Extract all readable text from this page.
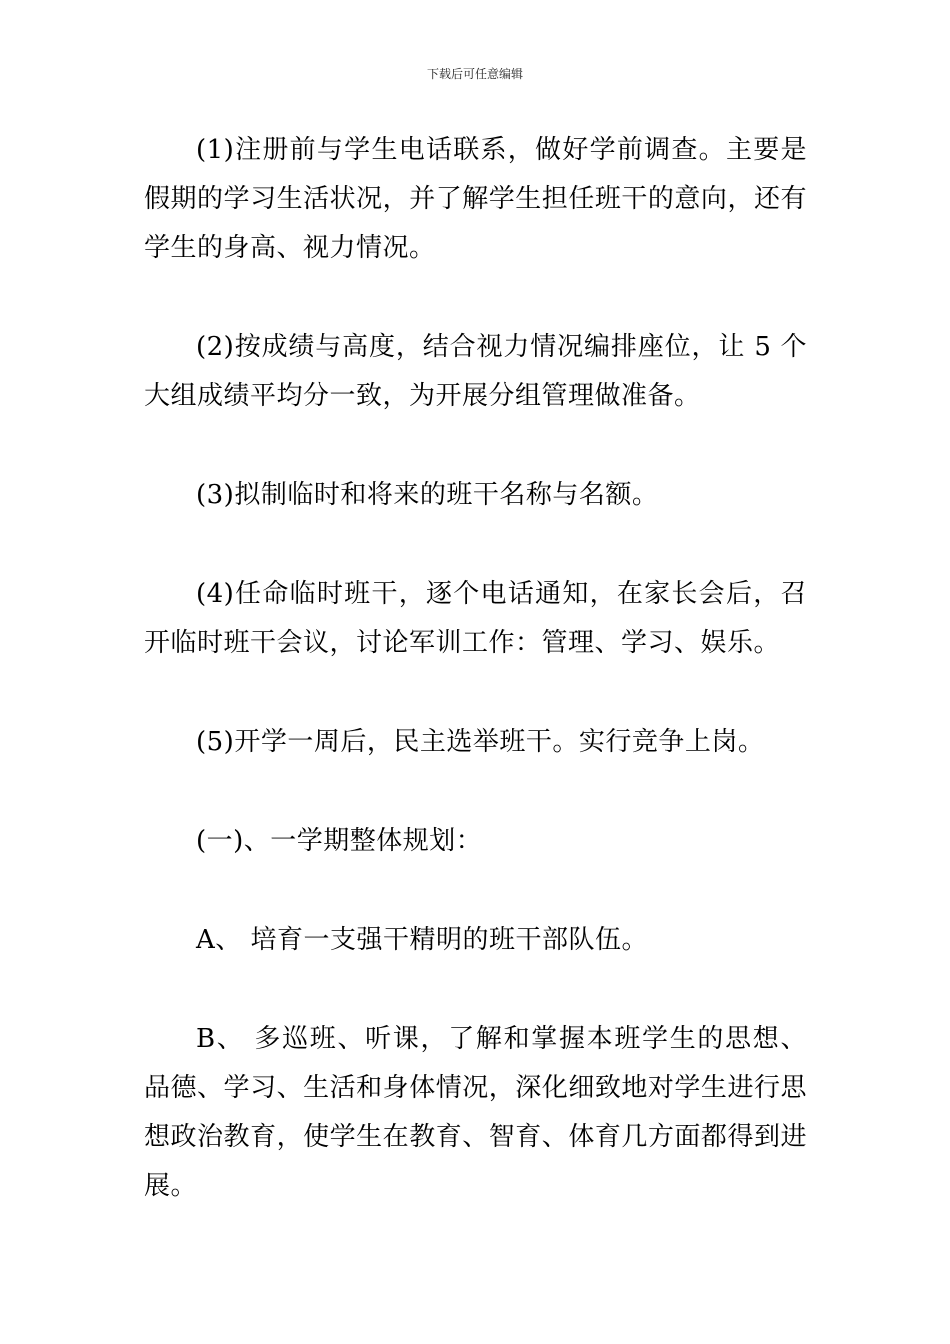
下载后可任意编辑

(1)注册前与学生电话联系，做好学前调查。主要是假期的学习生活状况，并了解学生担任班干的意向，还有学生的身高、视力情况。

(2)按成绩与高度，结合视力情况编排座位，让 5 个大组成绩平均分一致，为开展分组管理做准备。

(3)拟制临时和将来的班干名称与名额。

(4)任命临时班干，逐个电话通知，在家长会后，召开临时班干会议，讨论军训工作：管理、学习、娱乐。

(5)开学一周后，民主选举班干。实行竞争上岗。

(一)、一学期整体规划：

A、 培育一支强干精明的班干部队伍。

B、 多巡班、听课，了解和掌握本班学生的思想、品德、学习、生活和身体情况，深化细致地对学生进行思想政治教育，使学生在教育、智育、体育几方面都得到进展。
